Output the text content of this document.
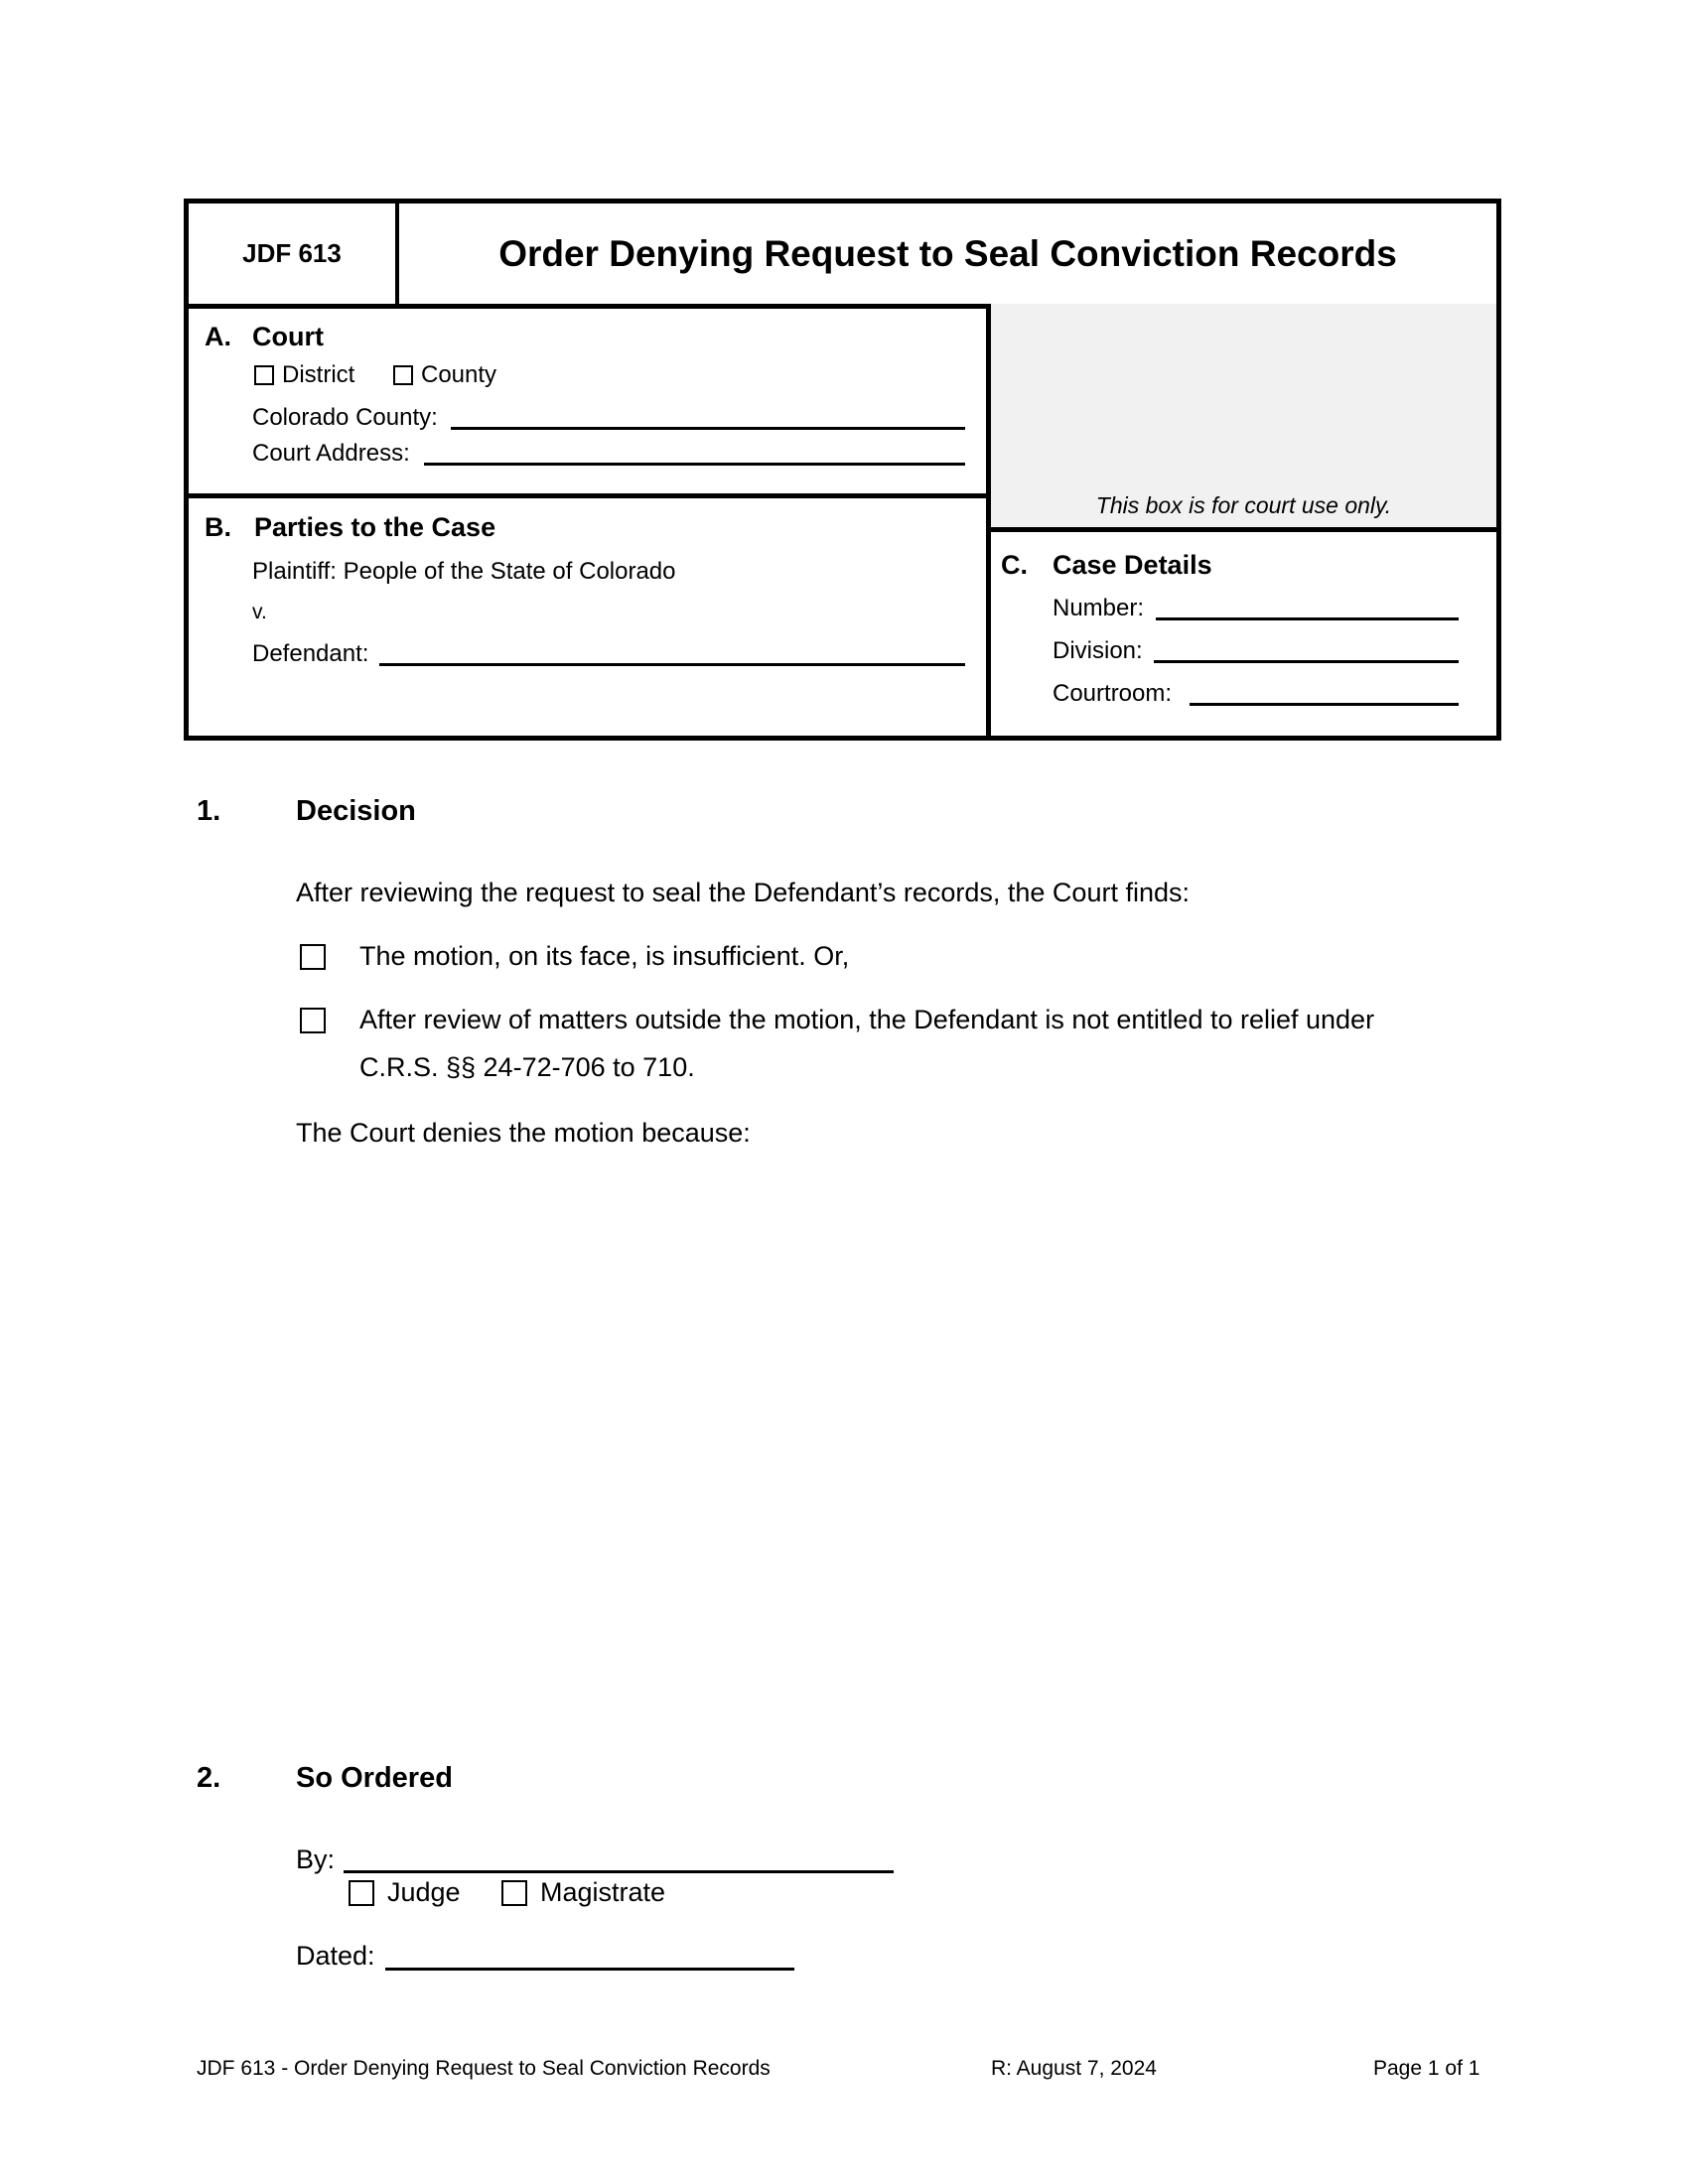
JDF 613	Order Denying Request to Seal Conviction Records
A. Court
District	County
Colorado County:
Court Address:
B. Parties to the Case
Plaintiff: People of the State of Colorado
v.
Defendant:
This box is for court use only.
C. Case Details
Number:
Division:
Courtroom:
1.	Decision
After reviewing the request to seal the Defendant’s records, the Court finds:
The motion, on its face, is insufficient. Or,
After review of matters outside the motion, the Defendant is not entitled to relief under
C.R.S. §§ 24-72-706 to 710.
The Court denies the motion because:
2.	So Ordered
By:
Judge	Magistrate
Dated:
JDF 613 - Order Denying Request to Seal Conviction Records	R: August 7, 2024	Page 1 of 1
